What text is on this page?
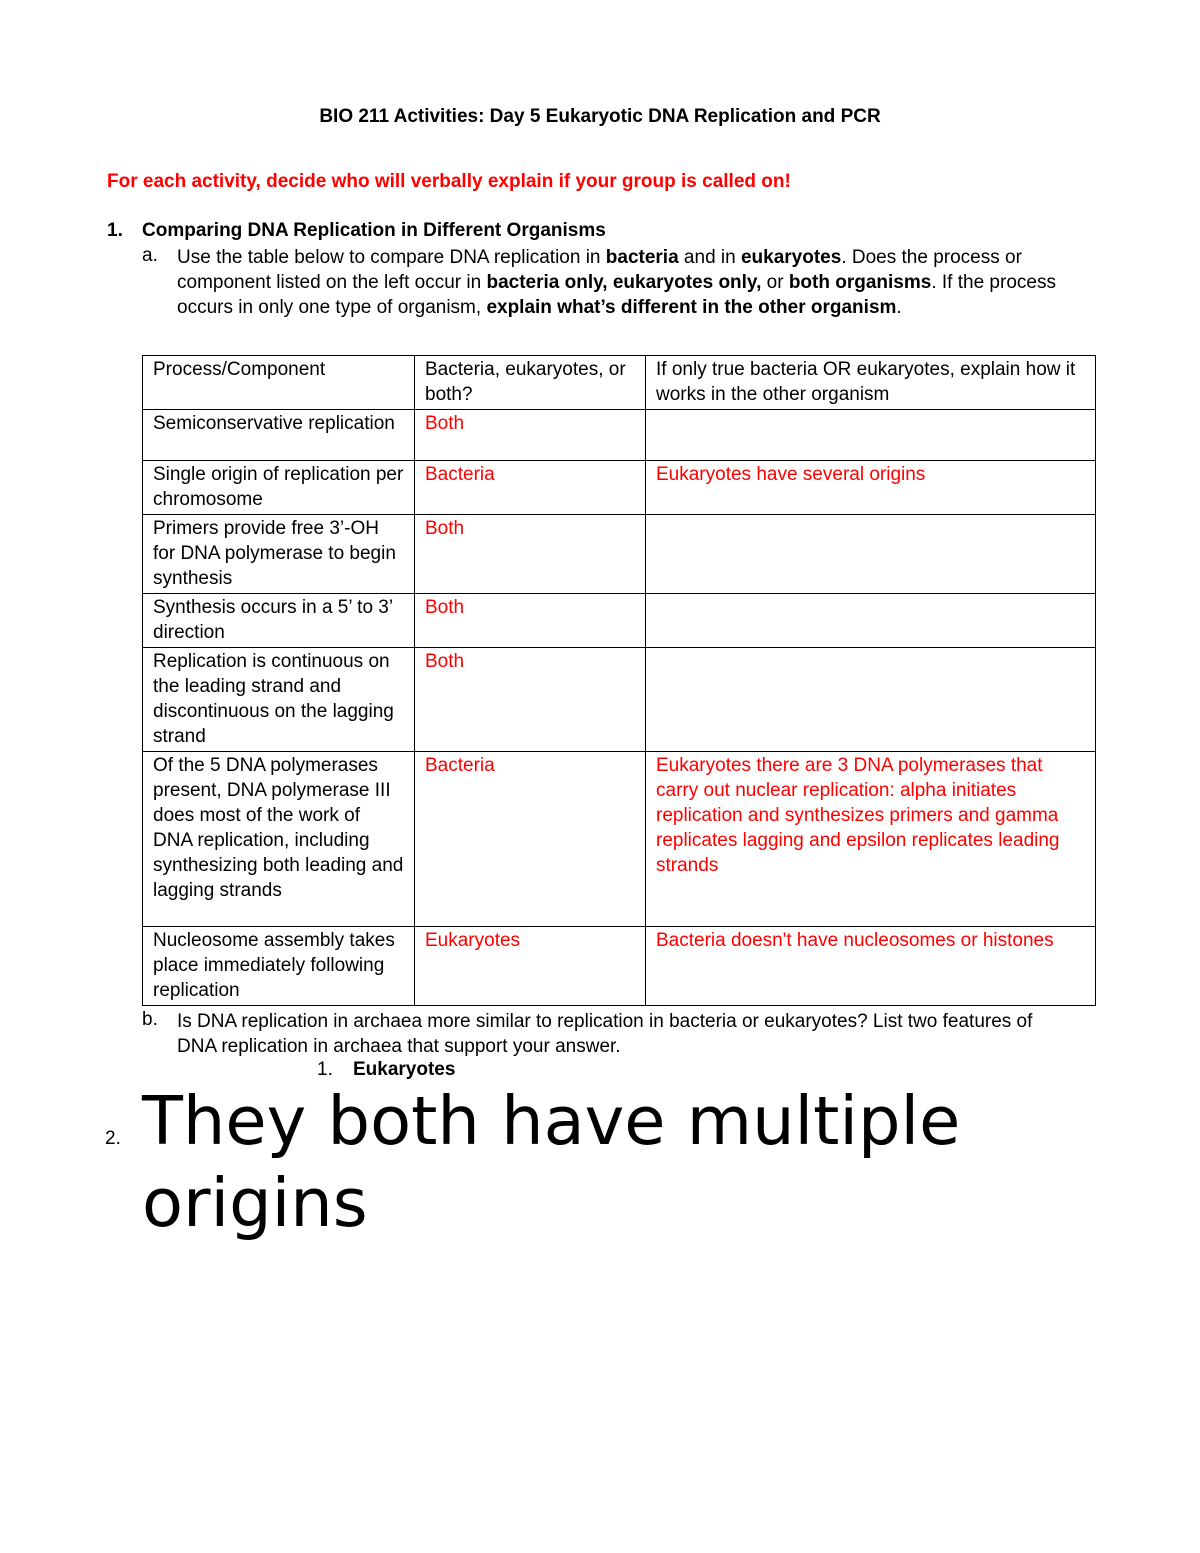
BIO 211 Activities: Day 5 Eukaryotic DNA Replication and PCR
For each activity, decide who will verbally explain if your group is called on!
1. Comparing DNA Replication in Different Organisms
a. Use the table below to compare DNA replication in bacteria and in eukaryotes. Does the process or component listed on the left occur in bacteria only, eukaryotes only, or both organisms. If the process occurs in only one type of organism, explain what’s different in the other organism.
Process/Component	Bacteria, eukaryotes, or both?	If only true bacteria OR eukaryotes, explain how it works in the other organism
Semiconservative replication	Both	
Single origin of replication per chromosome	Bacteria	Eukaryotes have several origins
Primers provide free 3’-OH for DNA polymerase to begin synthesis	Both	
Synthesis occurs in a 5’ to 3’ direction	Both	
Replication is continuous on the leading strand and discontinuous on the lagging strand	Both	
Of the 5 DNA polymerases present, DNA polymerase III does most of the work of DNA replication, including synthesizing both leading and lagging strands	Bacteria	Eukaryotes there are 3 DNA polymerases that carry out nuclear replication: alpha initiates replication and synthesizes primers and gamma replicates lagging and epsilon replicates leading strands
Nucleosome assembly takes place immediately following replication	Eukaryotes	Bacteria doesn't have nucleosomes or histones
b. Is DNA replication in archaea more similar to replication in bacteria or eukaryotes? List two features of DNA replication in archaea that support your answer.
1. Eukaryotes
2. They both have multiple origins
